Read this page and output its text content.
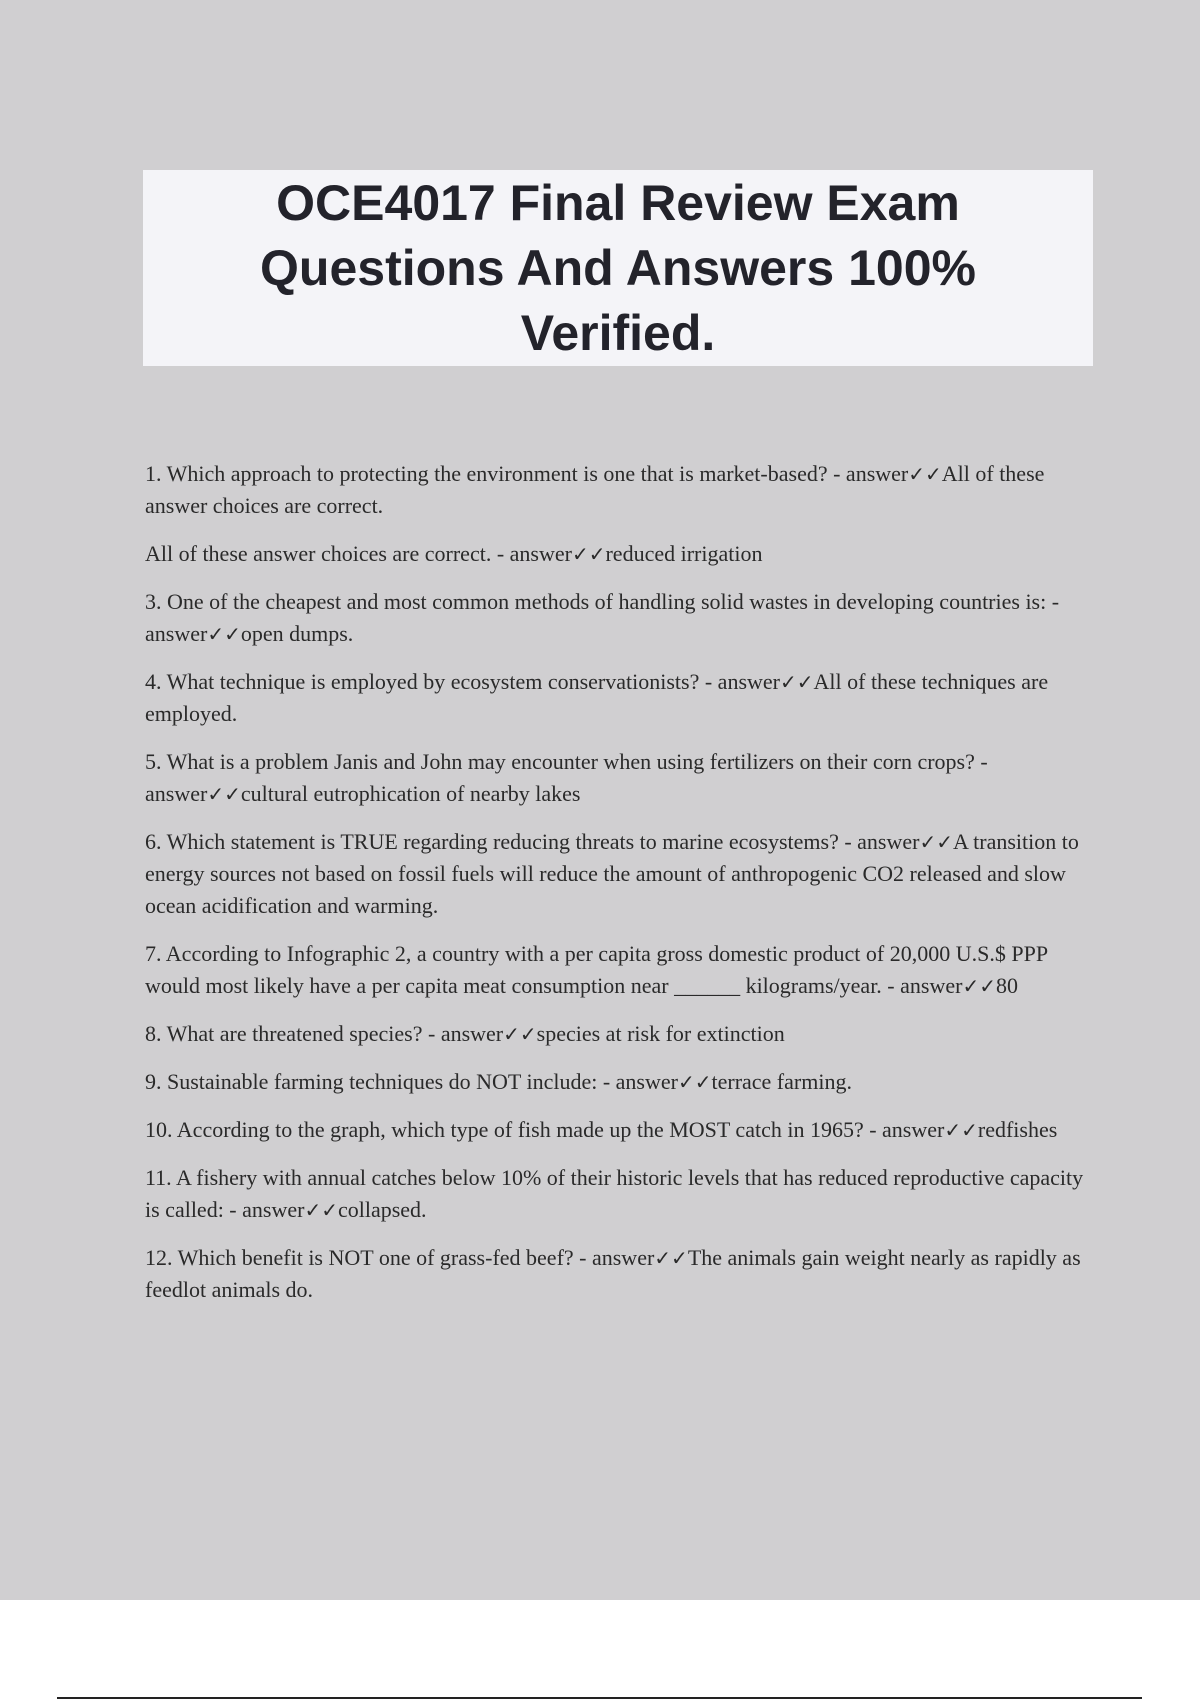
OCE4017 Final Review Exam Questions And Answers 100% Verified.

1. Which approach to protecting the environment is one that is market-based? - answer✓✓All of these answer choices are correct.

All of these answer choices are correct. - answer✓✓reduced irrigation

3. One of the cheapest and most common methods of handling solid wastes in developing countries is: - answer✓✓open dumps.

4. What technique is employed by ecosystem conservationists? - answer✓✓All of these techniques are employed.

5. What is a problem Janis and John may encounter when using fertilizers on their corn crops? - answer✓✓cultural eutrophication of nearby lakes

6. Which statement is TRUE regarding reducing threats to marine ecosystems? - answer✓✓A transition to energy sources not based on fossil fuels will reduce the amount of anthropogenic CO2 released and slow ocean acidification and warming.

7. According to Infographic 2, a country with a per capita gross domestic product of 20,000 U.S.$ PPP would most likely have a per capita meat consumption near ______ kilograms/year. - answer✓✓80

8. What are threatened species? - answer✓✓species at risk for extinction

9. Sustainable farming techniques do NOT include: - answer✓✓terrace farming.

10. According to the graph, which type of fish made up the MOST catch in 1965? - answer✓✓redfishes

11. A fishery with annual catches below 10% of their historic levels that has reduced reproductive capacity is called: - answer✓✓collapsed.

12. Which benefit is NOT one of grass-fed beef? - answer✓✓The animals gain weight nearly as rapidly as feedlot animals do.
